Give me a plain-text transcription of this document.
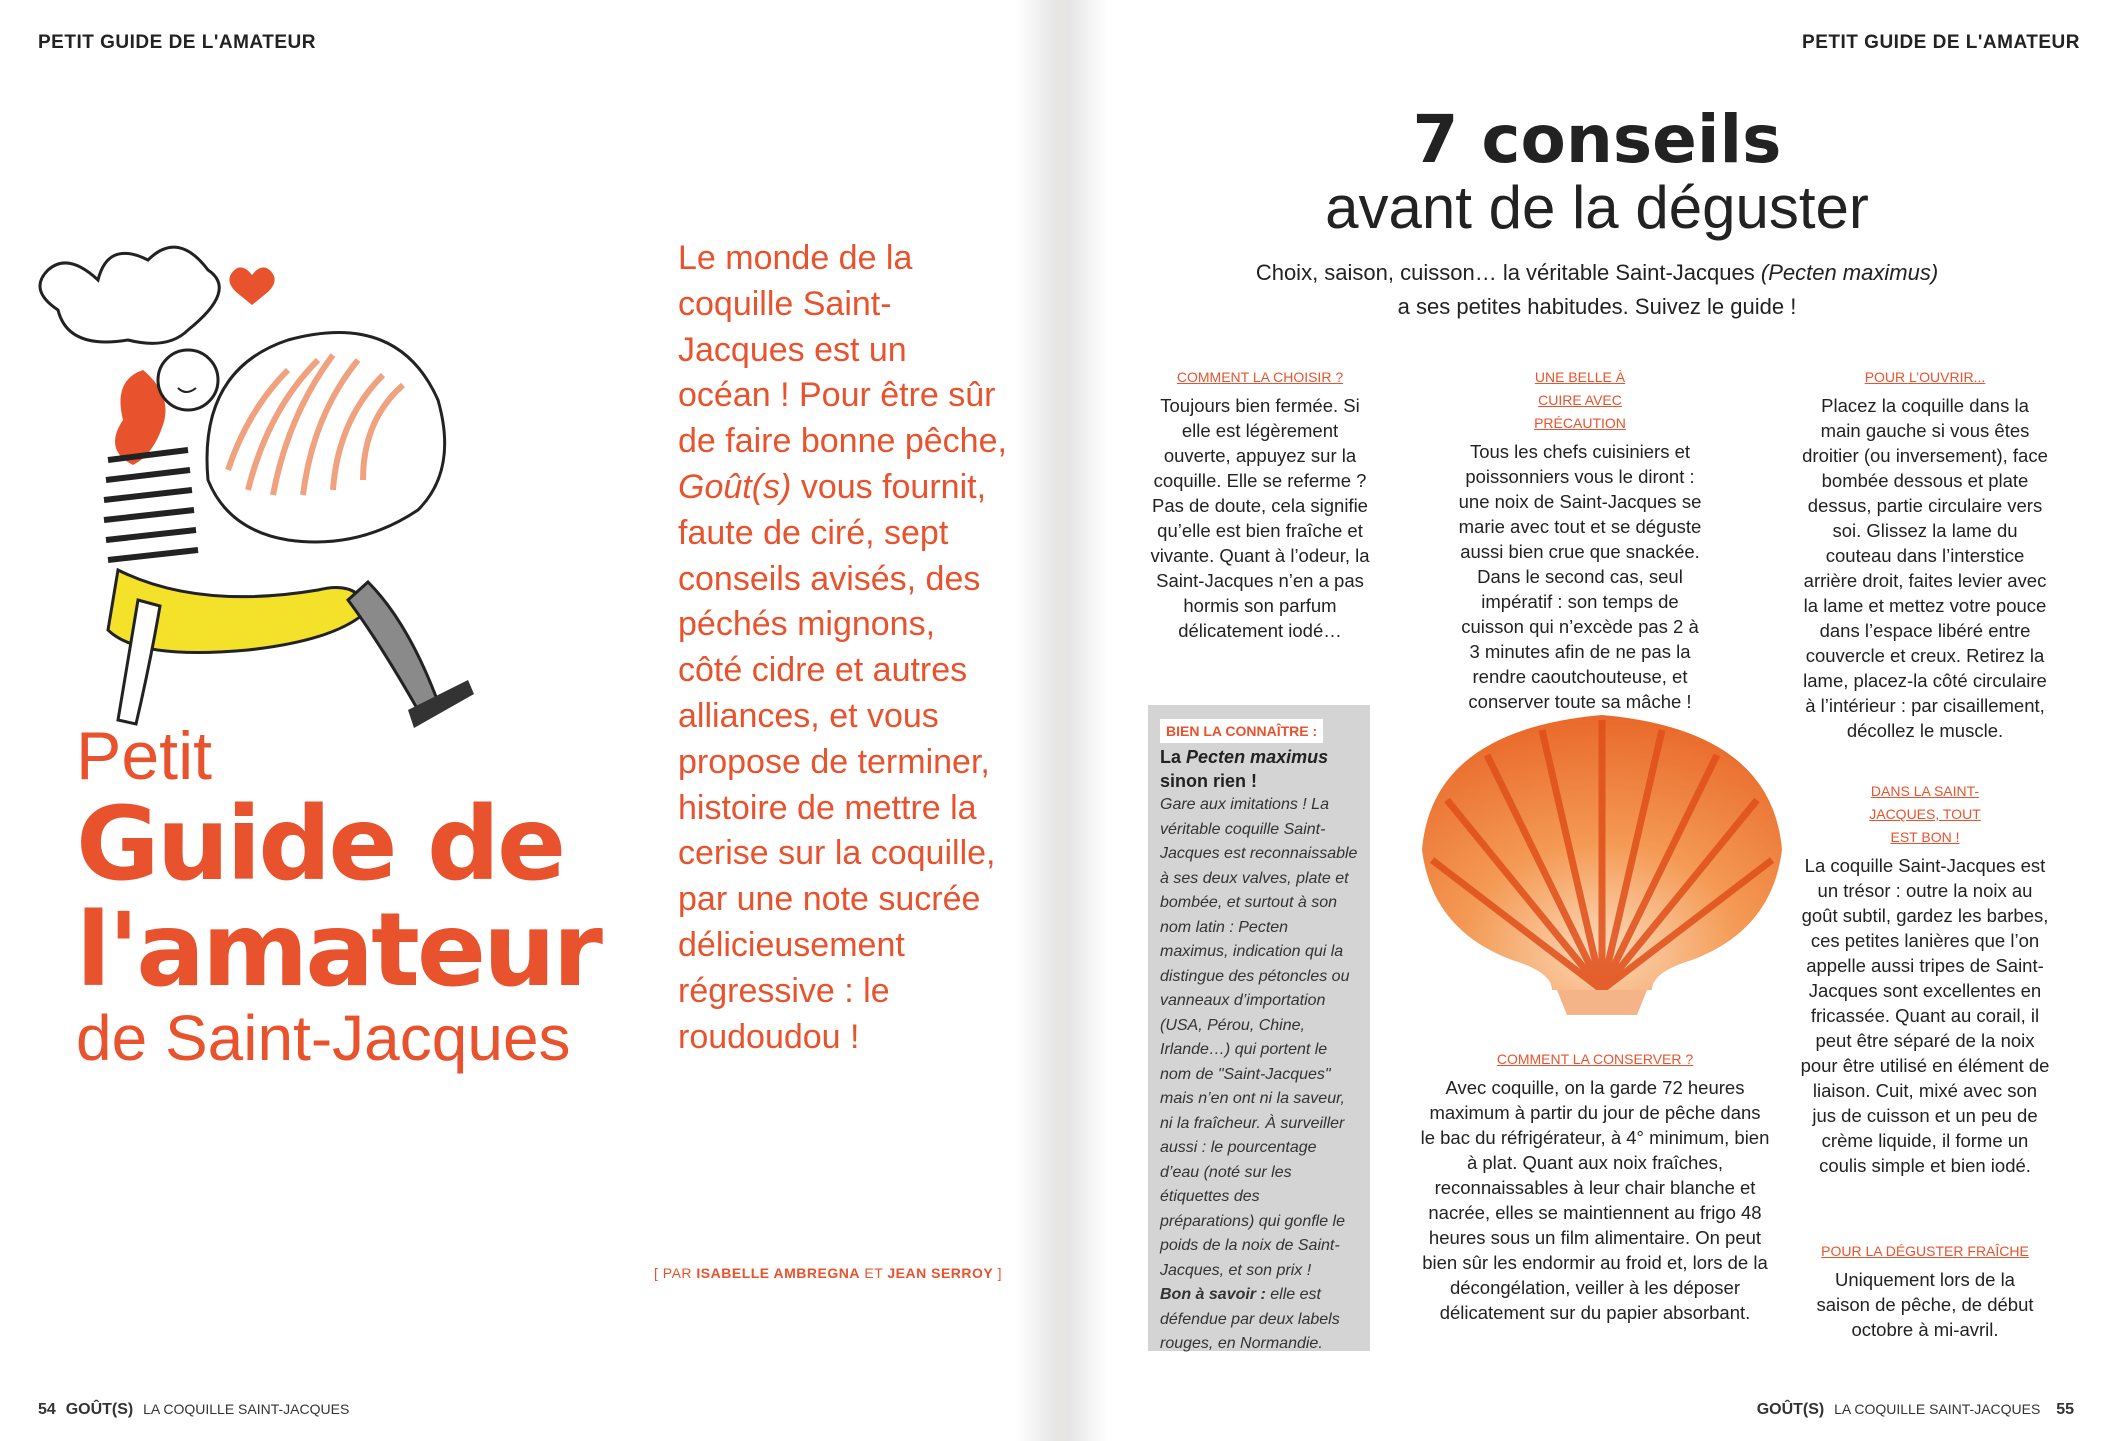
PETIT GUIDE DE L'AMATEUR
Petit
Guide de
l'amateur
de Saint-Jacques
Le monde de la coquille Saint-Jacques est un océan ! Pour être sûr de faire bonne pêche, Goût(s) vous fournit, faute de ciré, sept conseils avisés, des péchés mignons, côté cidre et autres alliances, et vous propose de terminer, histoire de mettre la cerise sur la coquille, par une note sucrée délicieusement régressive : le roudoudou !
[ PAR ISABELLE AMBREGNA ET JEAN SERROY ]
54 GOÛT(S) LA COQUILLE SAINT-JACQUES
PETIT GUIDE DE L'AMATEUR
7 conseils
avant de la déguster
Choix, saison, cuisson… la véritable Saint-Jacques (Pecten maximus)
a ses petites habitudes. Suivez le guide !
COMMENT LA CHOISIR ?
Toujours bien fermée. Si elle est légèrement ouverte, appuyez sur la coquille. Elle se referme ? Pas de doute, cela signifie qu’elle est bien fraîche et vivante. Quant à l’odeur, la Saint-Jacques n’en a pas hormis son parfum délicatement iodé…
UNE BELLE À CUIRE AVEC PRÉCAUTION
Tous les chefs cuisiniers et poissonniers vous le diront : une noix de Saint-Jacques se marie avec tout et se déguste aussi bien crue que snackée. Dans le second cas, seul impératif : son temps de cuisson qui n’excède pas 2 à 3 minutes afin de ne pas la rendre caoutchouteuse, et conserver toute sa mâche !
POUR L’OUVRIR...
Placez la coquille dans la main gauche si vous êtes droitier (ou inversement), face bombée dessous et plate dessus, partie circulaire vers soi. Glissez la lame du couteau dans l’interstice arrière droit, faites levier avec la lame et mettez votre pouce dans l’espace libéré entre couvercle et creux. Retirez la lame, placez-la côté circulaire à l’intérieur : par cisaillement, décollez le muscle.
DANS LA SAINT-JACQUES, TOUT EST BON !
La coquille Saint-Jacques est un trésor : outre la noix au goût subtil, gardez les barbes, ces petites lanières que l’on appelle aussi tripes de Saint-Jacques sont excellentes en fricassée. Quant au corail, il peut être séparé de la noix pour être utilisé en élément de liaison. Cuit, mixé avec son jus de cuisson et un peu de crème liquide, il forme un coulis simple et bien iodé.
COMMENT LA CONSERVER ?
Avec coquille, on la garde 72 heures maximum à partir du jour de pêche dans le bac du réfrigérateur, à 4° minimum, bien à plat. Quant aux noix fraîches, reconnaissables à leur chair blanche et nacrée, elles se maintiennent au frigo 48 heures sous un film alimentaire. On peut bien sûr les endormir au froid et, lors de la décongélation, veiller à les déposer délicatement sur du papier absorbant.
POUR LA DÉGUSTER FRAÎCHE
Uniquement lors de la saison de pêche, de début octobre à mi-avril.
BIEN LA CONNAÎTRE :
La Pecten maximus sinon rien !
Gare aux imitations ! La véritable coquille Saint-Jacques est reconnaissable à ses deux valves, plate et bombée, et surtout à son nom latin : Pecten maximus, indication qui la distingue des pétoncles ou vanneaux d’importation (USA, Pérou, Chine, Irlande…) qui portent le nom de "Saint-Jacques" mais n’en ont ni la saveur, ni la fraîcheur. À surveiller aussi : le pourcentage d’eau (noté sur les étiquettes des préparations) qui gonfle le poids de la noix de Saint-Jacques, et son prix !
Bon à savoir : elle est défendue par deux labels rouges, en Normandie.
GOÛT(S) LA COQUILLE SAINT-JACQUES 55
